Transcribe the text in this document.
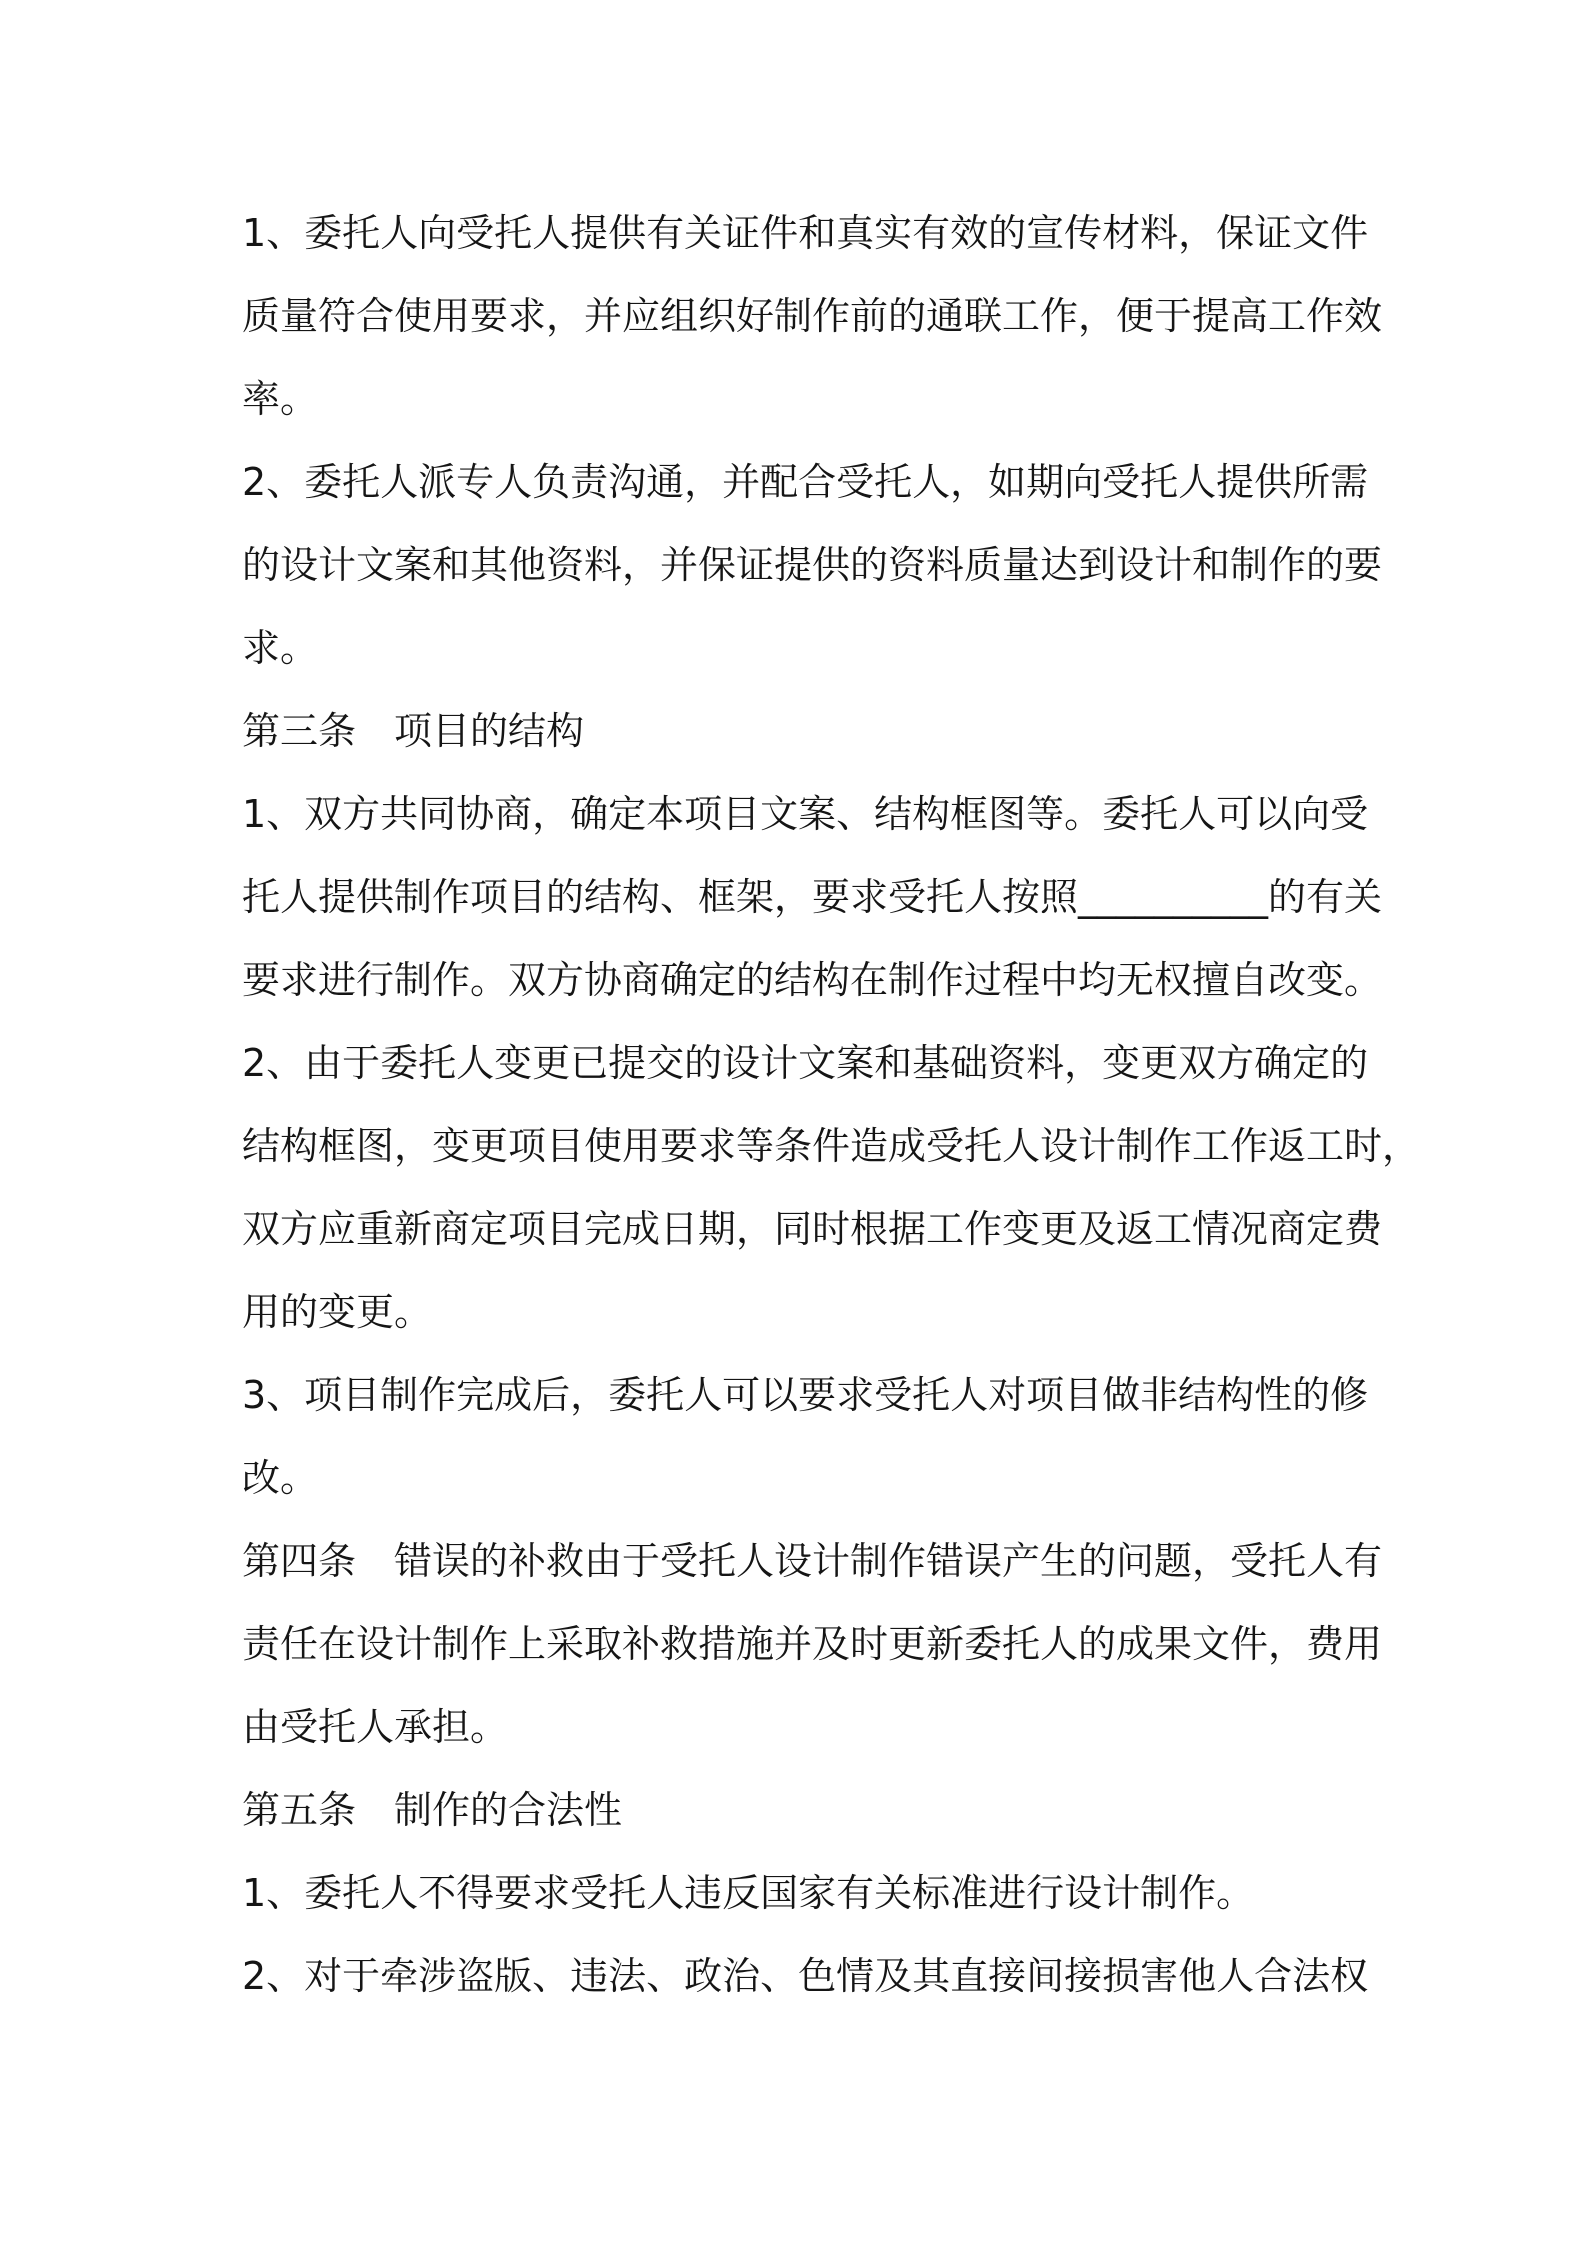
1、委托人向受托人提供有关证件和真实有效的宣传材料，保证文件
质量符合使用要求，并应组织好制作前的通联工作，便于提高工作效
率。
2、委托人派专人负责沟通，并配合受托人，如期向受托人提供所需
的设计文案和其他资料，并保证提供的资料质量达到设计和制作的要
求。
第三条　项目的结构
1、双方共同协商，确定本项目文案、结构框图等。委托人可以向受
托人提供制作项目的结构、框架，要求受托人按照__________的有关
要求进行制作。双方协商确定的结构在制作过程中均无权擅自改变。
2、由于委托人变更已提交的设计文案和基础资料，变更双方确定的
结构框图，变更项目使用要求等条件造成受托人设计制作工作返工时，
双方应重新商定项目完成日期，同时根据工作变更及返工情况商定费
用的变更。
3、项目制作完成后，委托人可以要求受托人对项目做非结构性的修
改。
第四条　错误的补救由于受托人设计制作错误产生的问题，受托人有
责任在设计制作上采取补救措施并及时更新委托人的成果文件，费用
由受托人承担。
第五条　制作的合法性
1、委托人不得要求受托人违反国家有关标准进行设计制作。
2、对于牵涉盗版、违法、政治、色情及其直接间接损害他人合法权
